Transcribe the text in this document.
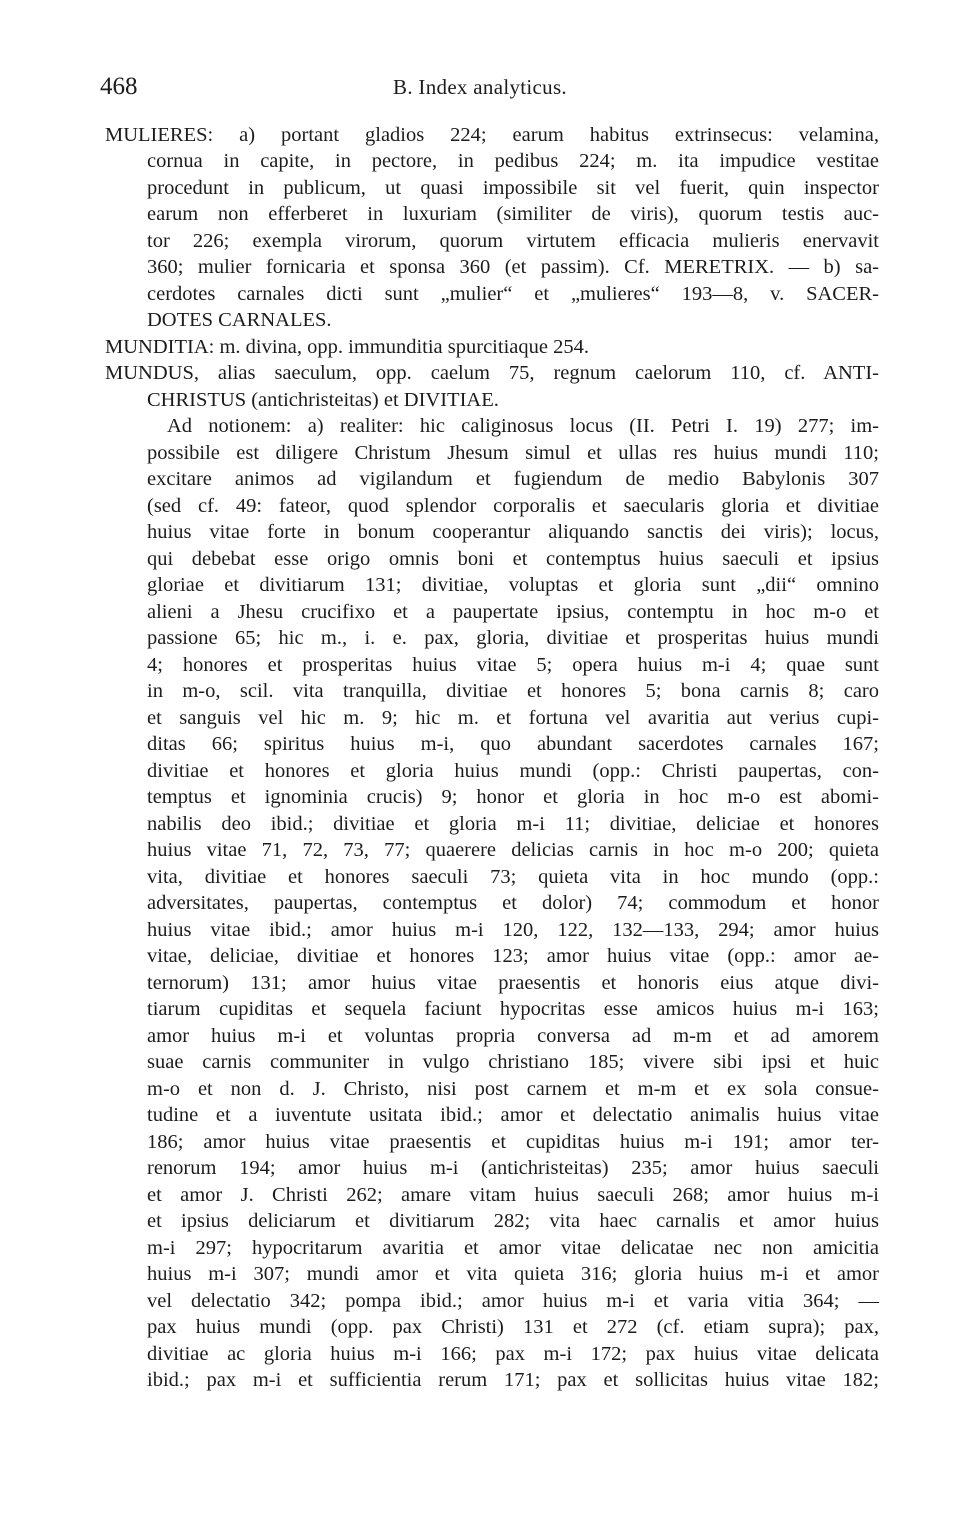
468	B. Index analyticus.
MULIERES: a) portant gladios 224; earum habitus extrinsecus: velamina,
cornua in capite, in pectore, in pedibus 224; m. ita impudice vestitae
procedunt in publicum, ut quasi impossibile sit vel fuerit, quin inspector
earum non efferberet in luxuriam (similiter de viris), quorum testis auc-
tor 226; exempla virorum, quorum virtutem efficacia mulieris enervavit
360; mulier fornicaria et sponsa 360 (et passim). Cf. MERETRIX. — b) sa-
cerdotes carnales dicti sunt „mulier“ et „mulieres“ 193—8, v. SACER-
DOTES CARNALES.
MUNDITIA: m. divina, opp. immunditia spurcitiaque 254.
MUNDUS, alias saeculum, opp. caelum 75, regnum caelorum 110, cf. ANTI-
CHRISTUS (antichristeitas) et DIVITIAE.
Ad notionem: a) realiter: hic caliginosus locus (II. Petri I. 19) 277; im-
possibile est diligere Christum Jhesum simul et ullas res huius mundi 110;
excitare animos ad vigilandum et fugiendum de medio Babylonis 307
(sed cf. 49: fateor, quod splendor corporalis et saecularis gloria et divitiae
huius vitae forte in bonum cooperantur aliquando sanctis dei viris); locus,
qui debebat esse origo omnis boni et contemptus huius saeculi et ipsius
gloriae et divitiarum 131; divitiae, voluptas et gloria sunt „dii“ omnino
alieni a Jhesu crucifixo et a paupertate ipsius, contemptu in hoc m-o et
passione 65; hic m., i. e. pax, gloria, divitiae et prosperitas huius mundi
4; honores et prosperitas huius vitae 5; opera huius m-i 4; quae sunt
in m-o, scil. vita tranquilla, divitiae et honores 5; bona carnis 8; caro
et sanguis vel hic m. 9; hic m. et fortuna vel avaritia aut verius cupi-
ditas 66; spiritus huius m-i, quo abundant sacerdotes carnales 167;
divitiae et honores et gloria huius mundi (opp.: Christi paupertas, con-
temptus et ignominia crucis) 9; honor et gloria in hoc m-o est abomi-
nabilis deo ibid.; divitiae et gloria m-i 11; divitiae, deliciae et honores
huius vitae 71, 72, 73, 77; quaerere delicias carnis in hoc m-o 200; quieta
vita, divitiae et honores saeculi 73; quieta vita in hoc mundo (opp.:
adversitates, paupertas, contemptus et dolor) 74; commodum et honor
huius vitae ibid.; amor huius m-i 120, 122, 132—133, 294; amor huius
vitae, deliciae, divitiae et honores 123; amor huius vitae (opp.: amor ae-
ternorum) 131; amor huius vitae praesentis et honoris eius atque divi-
tiarum cupiditas et sequela faciunt hypocritas esse amicos huius m-i 163;
amor huius m-i et voluntas propria conversa ad m-m et ad amorem
suae carnis communiter in vulgo christiano 185; vivere sibi ipsi et huic
m-o et non d. J. Christo, nisi post carnem et m-m et ex sola consue-
tudine et a iuventute usitata ibid.; amor et delectatio animalis huius vitae
186; amor huius vitae praesentis et cupiditas huius m-i 191; amor ter-
renorum 194; amor huius m-i (antichristeitas) 235; amor huius saeculi
et amor J. Christi 262; amare vitam huius saeculi 268; amor huius m-i
et ipsius deliciarum et divitiarum 282; vita haec carnalis et amor huius
m-i 297; hypocritarum avaritia et amor vitae delicatae nec non amicitia
huius m-i 307; mundi amor et vita quieta 316; gloria huius m-i et amor
vel delectatio 342; pompa ibid.; amor huius m-i et varia vitia 364; —
pax huius mundi (opp. pax Christi) 131 et 272 (cf. etiam supra); pax,
divitiae ac gloria huius m-i 166; pax m-i 172; pax huius vitae delicata
ibid.; pax m-i et sufficientia rerum 171; pax et sollicitas huius vitae 182;
